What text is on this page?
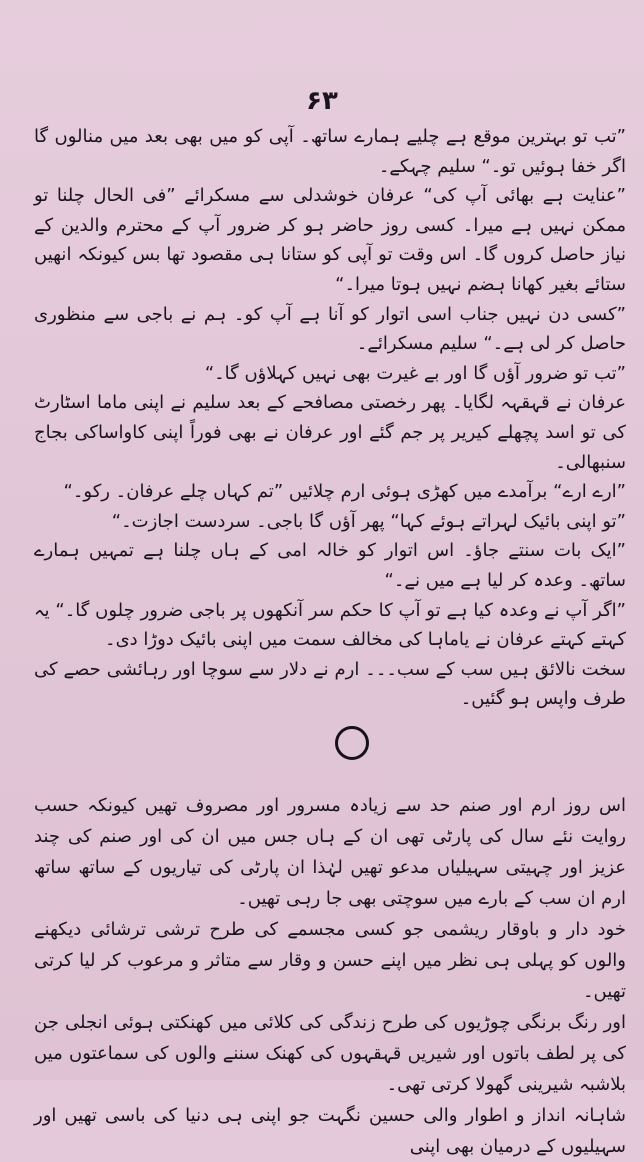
۶۳

”تب تو بہترین موقع ہے چلیے ہمارے ساتھ۔ آپی کو میں بھی بعد میں منالوں گا اگر خفا ہوئیں تو۔“ سلیم چہکے۔

”عنایت ہے بھائی آپ کی“ عرفان خوشدلی سے مسکرائے ”فی الحال چلنا تو ممکن نہیں ہے میرا۔ کسی روز حاضر ہو کر ضرور آپ کے محترم والدین کے نیاز حاصل کروں گا۔ اس وقت تو آپی کو ستانا ہی مقصود تھا بس کیونکہ انھیں ستائے بغیر کھانا ہضم نہیں ہوتا میرا۔“

”کسی دن نہیں جناب اسی اتوار کو آنا ہے آپ کو۔ ہم نے باجی سے منظوری حاصل کر لی ہے۔“ سلیم مسکرائے۔

”تب تو ضرور آؤں گا اور بے غیرت بھی نہیں کہلاؤں گا۔“

عرفان نے قہقہہ لگایا۔ پھر رخصتی مصافحے کے بعد سلیم نے اپنی ماما اسٹارٹ کی تو اسد پچھلے کیریر پر جم گئے اور عرفان نے بھی فوراً اپنی کاواساکی بجاج سنبھالی۔

”ارے ارے“ برآمدے میں کھڑی ہوئی ارم چلائیں ”تم کہاں چلے عرفان۔ رکو۔“

”تو اپنی بائیک لہراتے ہوئے کہا“ پھر آؤں گا باجی۔ سردست اجازت۔“

”ایک بات سنتے جاؤ۔ اس اتوار کو خالہ امی کے ہاں چلنا ہے تمہیں ہمارے ساتھ۔ وعدہ کر لیا ہے میں نے۔“

”اگر آپ نے وعدہ کیا ہے تو آپ کا حکم سر آنکھوں پر باجی ضرور چلوں گا۔“ یہ کہتے کہتے عرفان نے یاماہا کی مخالف سمت میں اپنی بائیک دوڑا دی۔

سخت نالائق ہیں سب کے سب۔۔۔ ارم نے دلار سے سوچا اور رہائشی حصے کی طرف واپس ہو گئیں۔

اس روز ارم اور صنم حد سے زیادہ مسرور اور مصروف تھیں کیونکہ حسب روایت نئے سال کی پارٹی تھی ان کے ہاں جس میں ان کی اور صنم کی چند عزیز اور چہیتی سہیلیاں مدعو تھیں لہٰذا ان پارٹی کی تیاریوں کے ساتھ ساتھ ارم ان سب کے بارے میں سوچتی بھی جا رہی تھیں۔

خود دار و باوقار ریشمی جو کسی مجسمے کی طرح ترشی ترشائی دیکھنے والوں کو پہلی ہی نظر میں اپنے حسن و وقار سے متاثر و مرعوب کر لیا کرتی تھیں۔

اور رنگ برنگی چوڑیوں کی طرح زندگی کی کلائی میں کھنکتی ہوئی انجلی جن کی پر لطف باتوں اور شیریں قہقہوں کی کھنک سننے والوں کی سماعتوں میں بلاشبہ شیرینی گھولا کرتی تھی۔

شاہانہ انداز و اطوار والی حسین نگہت جو اپنی ہی دنیا کی باسی تھیں اور سہیلیوں کے درمیان بھی اپنی
